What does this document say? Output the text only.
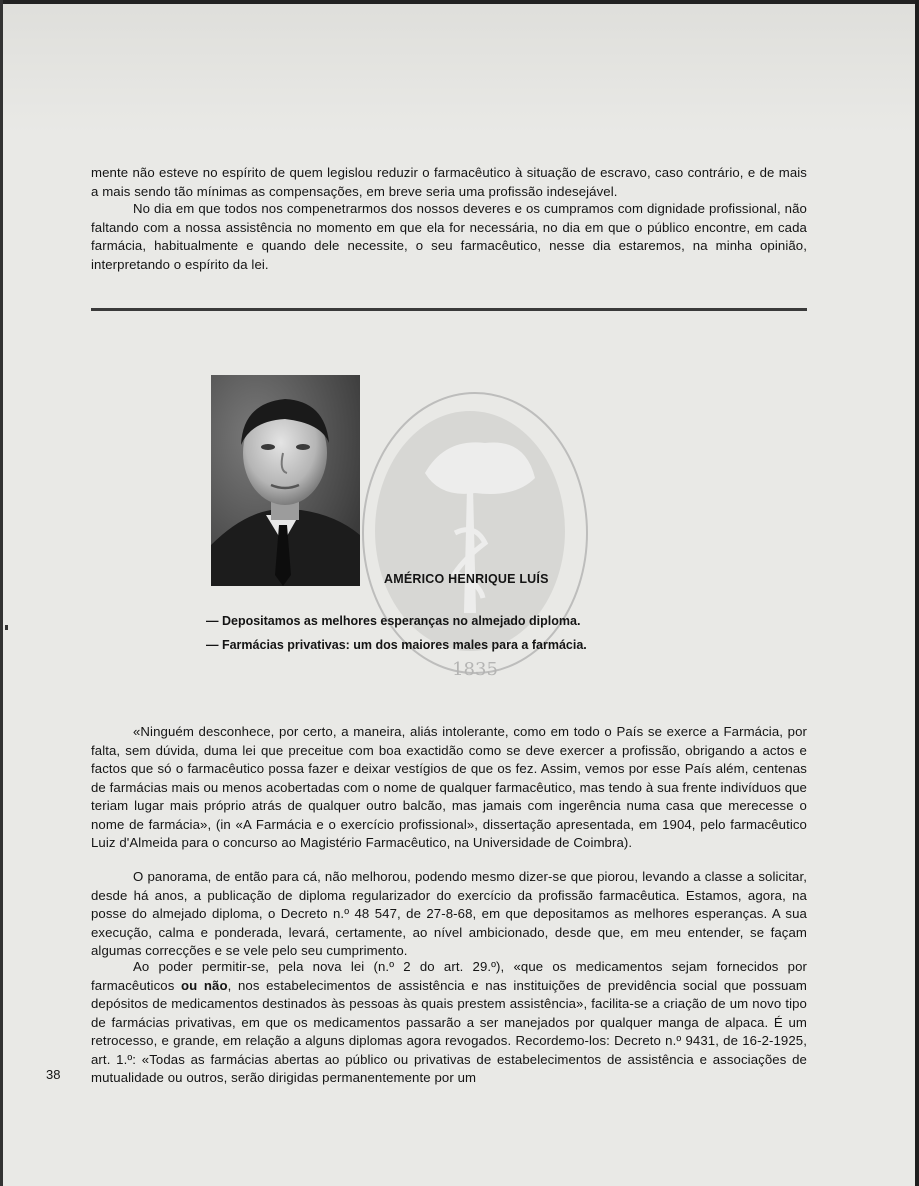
mente não esteve no espírito de quem legislou reduzir o farmacêutico à situação de escravo, caso contrário, e de mais a mais sendo tão mínimas as compensações, em breve seria uma profissão indesejável.

No dia em que todos nos compenetrarmos dos nossos deveres e os cumpramos com dignidade profissional, não faltando com a nossa assistência no momento em que ela for necessária, no dia em que o público encontre, em cada farmácia, habitualmente e quando dele necessite, o seu farmacêutico, nesse dia estaremos, na minha opinião, interpretando o espírito da lei.

1835
AMÉRICO HENRIQUE LUÍS
— Depositamos as melhores esperanças no almejado diploma.
— Farmácias privativas: um dos maiores males para a farmácia.

«Ninguém desconhece, por certo, a maneira, aliás intolerante, como em todo o País se exerce a Farmácia, por falta, sem dúvida, duma lei que preceitue com boa exactidão como se deve exercer a profissão, obrigando a actos e factos que só o farmacêutico possa fazer e deixar vestígios de que os fez. Assim, vemos por esse País além, centenas de farmácias mais ou menos acobertadas com o nome de qualquer farmacêutico, mas tendo à sua frente indivíduos que teriam lugar mais próprio atrás de qualquer outro balcão, mas jamais com ingerência numa casa que merecesse o nome de farmácia», (in «A Farmácia e o exercício profissional», dissertação apresentada, em 1904, pelo farmacêutico Luiz d'Almeida para o concurso ao Magistério Farmacêutico, na Universidade de Coimbra).

O panorama, de então para cá, não melhorou, podendo mesmo dizer-se que piorou, levando a classe a solicitar, desde há anos, a publicação de diploma regularizador do exercício da profissão farmacêutica. Estamos, agora, na posse do almejado diploma, o Decreto n.º 48 547, de 27-8-68, em que depositamos as melhores esperanças. A sua execução, calma e ponderada, levará, certamente, ao nível ambicionado, desde que, em meu entender, se façam algumas correcções e se vele pelo seu cumprimento.

Ao poder permitir-se, pela nova lei (n.º 2 do art. 29.º), «que os medicamentos sejam fornecidos por farmacêuticos ou não, nos estabelecimentos de assistência e nas instituições de previdência social que possuam depósitos de medicamentos destinados às pessoas às quais prestem assistência», facilita-se a criação de um novo tipo de farmácias privativas, em que os medicamentos passarão a ser manejados por qualquer manga de alpaca. É um retrocesso, e grande, em relação a alguns diplomas agora revogados. Recordemo-los: Decreto n.º 9431, de 16-2-1925, art. 1.º: «Todas as farmácias abertas ao público ou privativas de estabelecimentos de assistência e associações de mutualidade ou outros, serão dirigidas permanentemente por um

38
